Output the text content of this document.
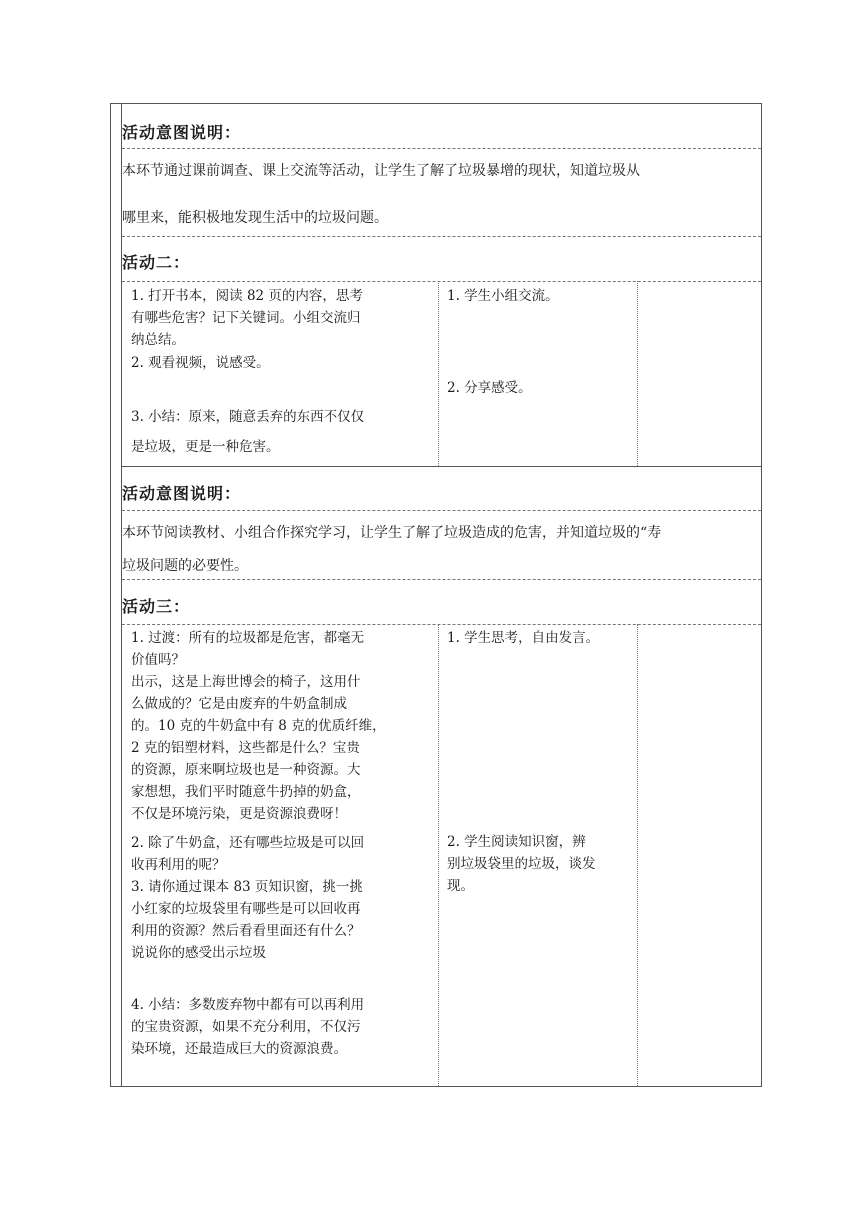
活动意图说明：
本环节通过课前调查、课上交流等活动，让学生了解了垃圾暴增的现状，知道垃圾从
哪里来，能积极地发现生活中的垃圾问题。
活动二：
1. 打开书本，阅读 82 页的内容，思考
有哪些危害？记下关键词。小组交流归
纳总结。
2. 观看视频，说感受。
3. 小结：原来，随意丢弃的东西不仅仅
是垃圾，更是一种危害。
1. 学生小组交流。
2. 分享感受。
活动意图说明：
本环节阅读教材、小组合作探究学习，让学生了解了垃圾造成的危害，并知道垃圾的“寿
垃圾问题的必要性。
活动三：
1. 过渡：所有的垃圾都是危害，都毫无
价值吗？
出示，这是上海世博会的椅子，这用什
么做成的？它是由废弃的牛奶盒制成
的。10 克的牛奶盒中有 8 克的优质纤维，
2 克的铝塑材料，这些都是什么？宝贵
的资源，原来啊垃圾也是一种资源。大
家想想，我们平时随意牛扔掉的奶盒，
不仅是环境污染，更是资源浪费呀！
2. 除了牛奶盒，还有哪些垃圾是可以回
收再利用的呢？
3. 请你通过课本 83 页知识窗，挑一挑
小红家的垃圾袋里有哪些是可以回收再
利用的资源？然后看看里面还有什么？
说说你的感受出示垃圾
4. 小结：多数废弃物中都有可以再利用
的宝贵资源，如果不充分利用，不仅污
染环境，还最造成巨大的资源浪费。
1. 学生思考，自由发言。
2. 学生阅读知识窗，辨
别垃圾袋里的垃圾，谈发
现。
